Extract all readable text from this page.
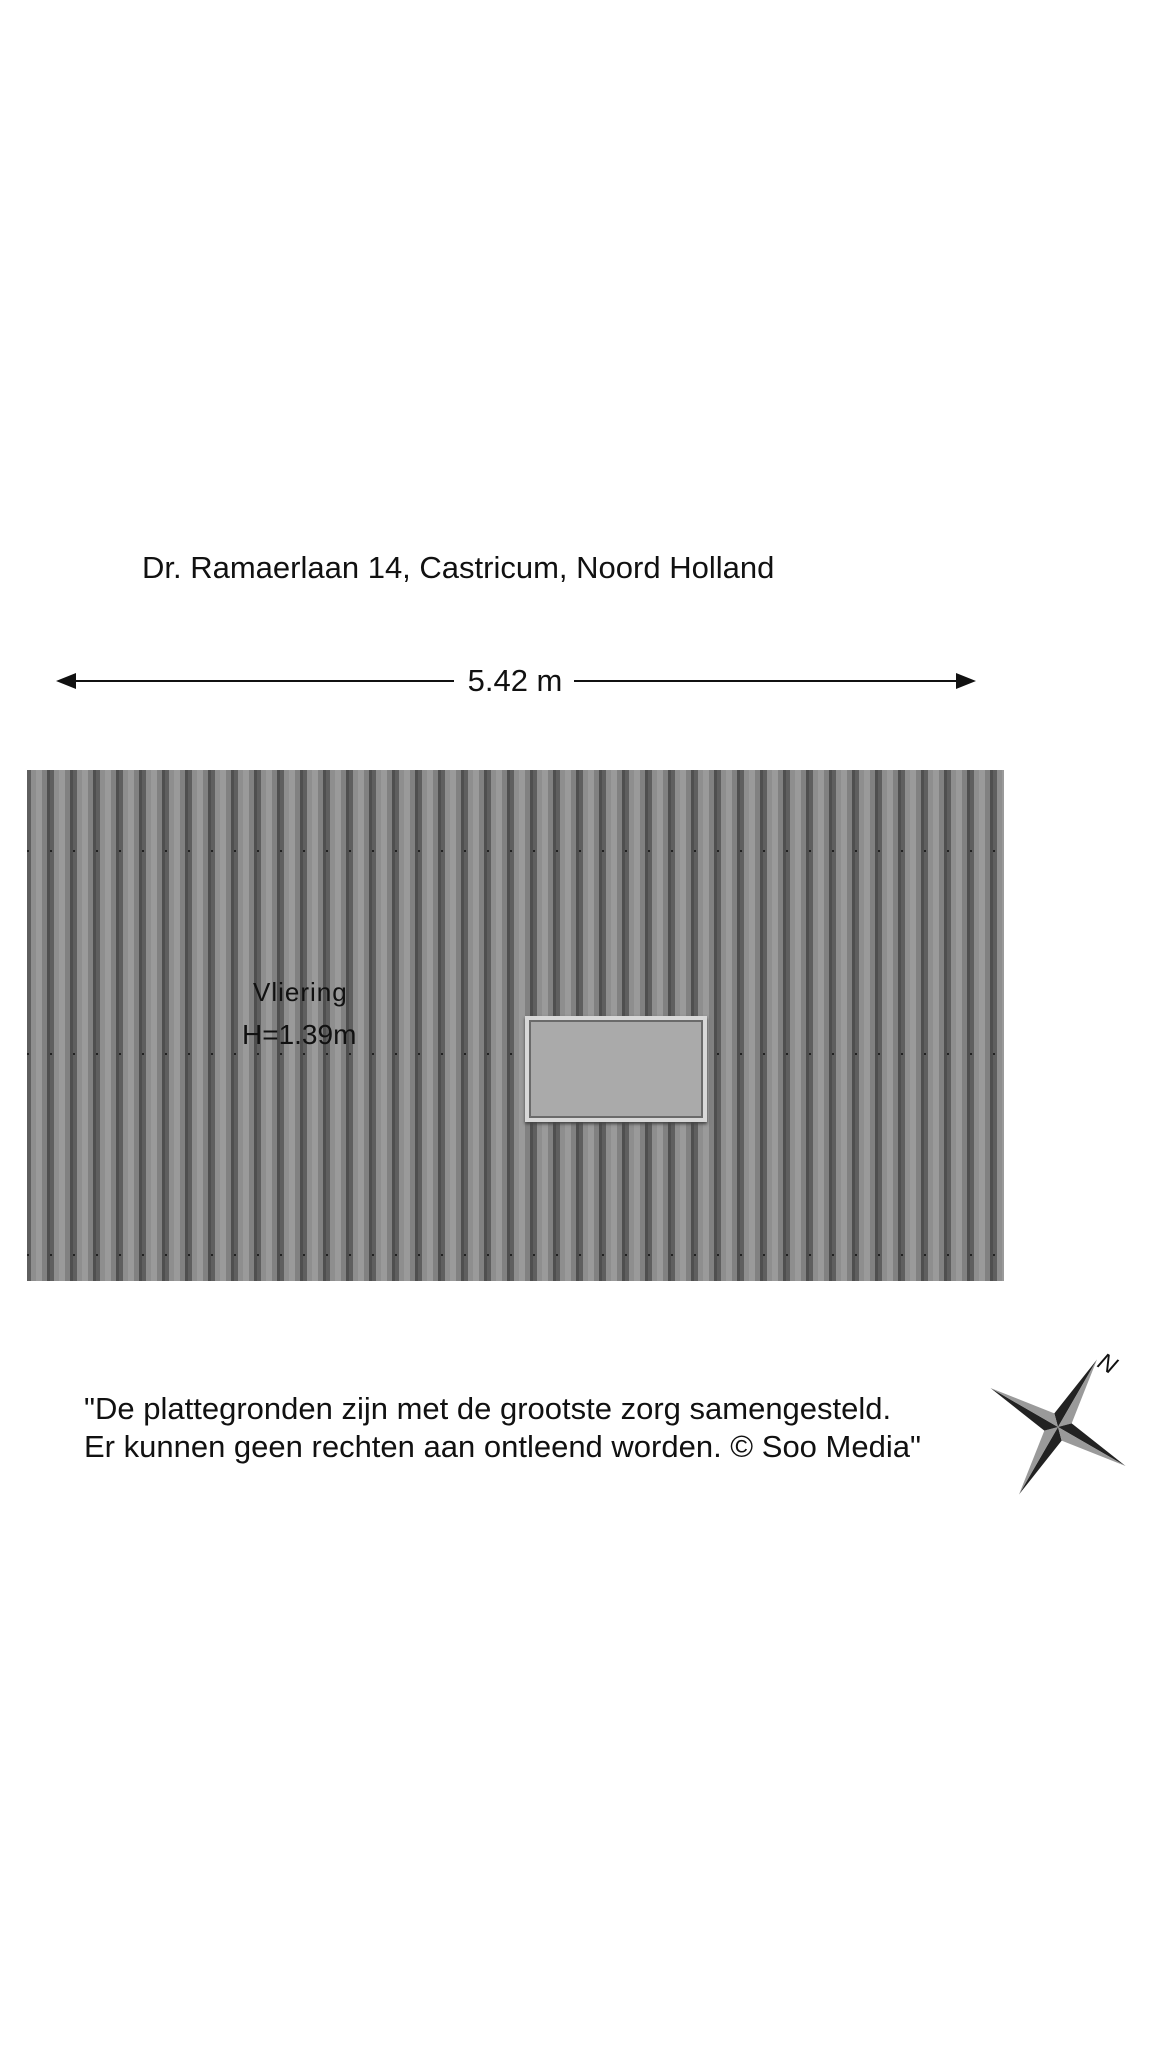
Dr. Ramaerlaan 14, Castricum, Noord Holland
5.42 m
Vliering
H=1.39m
"De plattegronden zijn met de grootste zorg samengesteld.
Er kunnen geen rechten aan ontleend worden. © Soo Media"
N
